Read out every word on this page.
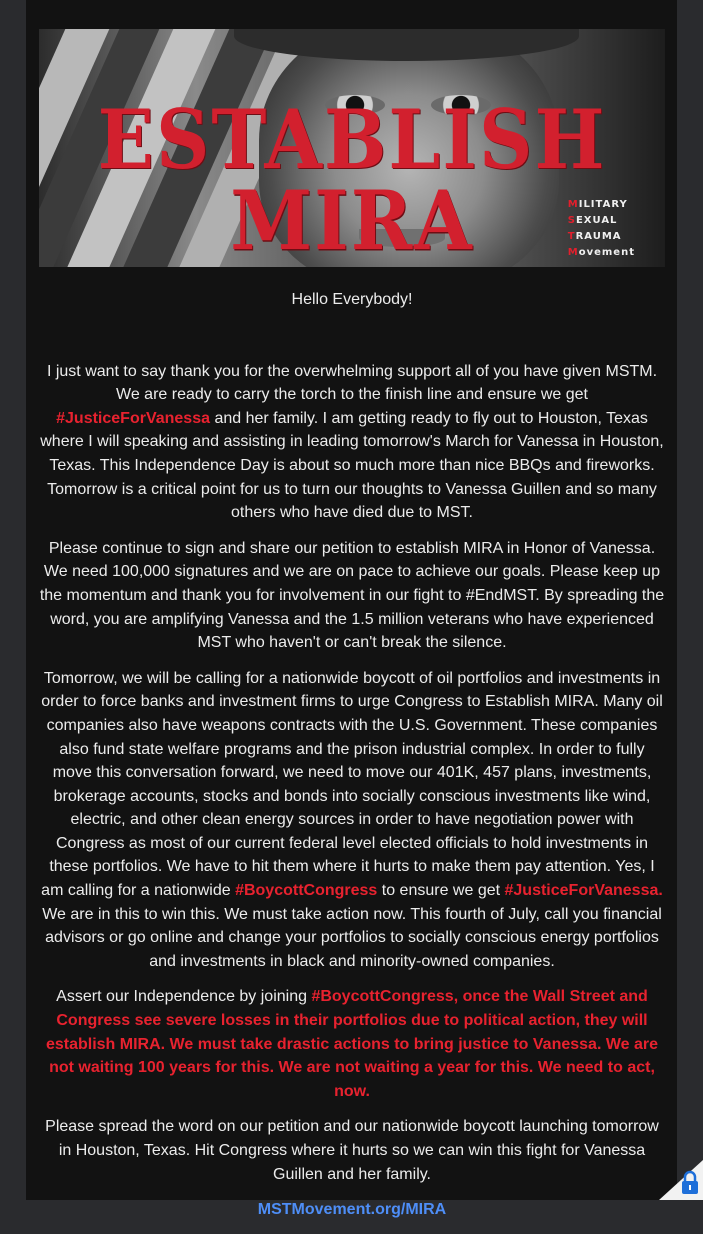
ESTABLISH MIRA	MILITARY
SEXUAL
TRAUMA
Movement

Hello Everybody!

I just want to say thank you for the overwhelming support all of you have given MSTM. We are ready to carry the torch to the finish line and ensure we get #JusticeForVanessa and her family. I am getting ready to fly out to Houston, Texas where I will speaking and assisting in leading tomorrow's March for Vanessa in Houston, Texas. This Independence Day is about so much more than nice BBQs and fireworks. Tomorrow is a critical point for us to turn our thoughts to Vanessa Guillen and so many others who have died due to MST.

Please continue to sign and share our petition to establish MIRA in Honor of Vanessa. We need 100,000 signatures and we are on pace to achieve our goals. Please keep up the momentum and thank you for involvement in our fight to #EndMST. By spreading the word, you are amplifying Vanessa and the 1.5 million veterans who have experienced MST who haven't or can't break the silence.

Tomorrow, we will be calling for a nationwide boycott of oil portfolios and investments in order to force banks and investment firms to urge Congress to Establish MIRA. Many oil companies also have weapons contracts with the U.S. Government. These companies also fund state welfare programs and the prison industrial complex. In order to fully move this conversation forward, we need to move our 401K, 457 plans, investments, brokerage accounts, stocks and bonds into socially conscious investments like wind, electric, and other clean energy sources in order to have negotiation power with Congress as most of our current federal level elected officials to hold investments in these portfolios. We have to hit them where it hurts to make them pay attention. Yes, I am calling for a nationwide #BoycottCongress to ensure we get #JusticeForVanessa. We are in this to win this. We must take action now. This fourth of July, call you financial advisors or go online and change your portfolios to socially conscious energy portfolios and investments in black and minority-owned companies.

Assert our Independence by joining #BoycottCongress, once the Wall Street and Congress see severe losses in their portfolios due to political action, they will establish MIRA. We must take drastic actions to bring justice to Vanessa. We are not waiting 100 years for this. We are not waiting a year for this. We need to act, now.

Please spread the word on our petition and our nationwide boycott launching tomorrow in Houston, Texas. Hit Congress where it hurts so we can win this fight for Vanessa Guillen and her family.

MSTMovement.org/MIRA
